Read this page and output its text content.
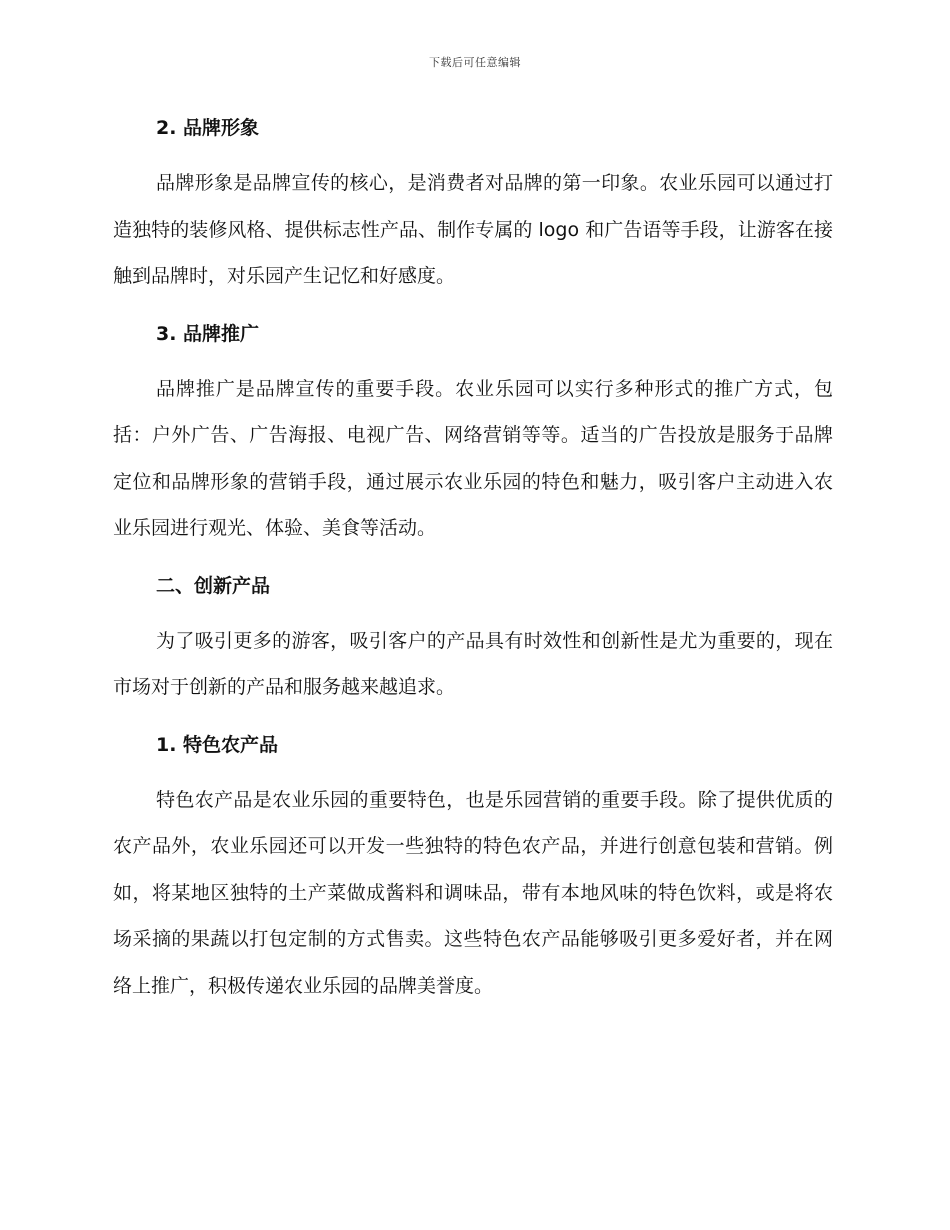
下载后可任意编辑
2. 品牌形象

品牌形象是品牌宣传的核心，是消费者对品牌的第一印象。农业乐园可以通过打造独特的装修风格、提供标志性产品、制作专属的 logo 和广告语等手段，让游客在接触到品牌时，对乐园产生记忆和好感度。

3. 品牌推广

品牌推广是品牌宣传的重要手段。农业乐园可以实行多种形式的推广方式，包括：户外广告、广告海报、电视广告、网络营销等等。适当的广告投放是服务于品牌定位和品牌形象的营销手段，通过展示农业乐园的特色和魅力，吸引客户主动进入农业乐园进行观光、体验、美食等活动。

二、创新产品

为了吸引更多的游客，吸引客户的产品具有时效性和创新性是尤为重要的，现在市场对于创新的产品和服务越来越追求。

1. 特色农产品

特色农产品是农业乐园的重要特色，也是乐园营销的重要手段。除了提供优质的农产品外，农业乐园还可以开发一些独特的特色农产品，并进行创意包装和营销。例如，将某地区独特的土产菜做成酱料和调味品，带有本地风味的特色饮料，或是将农场采摘的果蔬以打包定制的方式售卖。这些特色农产品能够吸引更多爱好者，并在网络上推广，积极传递农业乐园的品牌美誉度。
